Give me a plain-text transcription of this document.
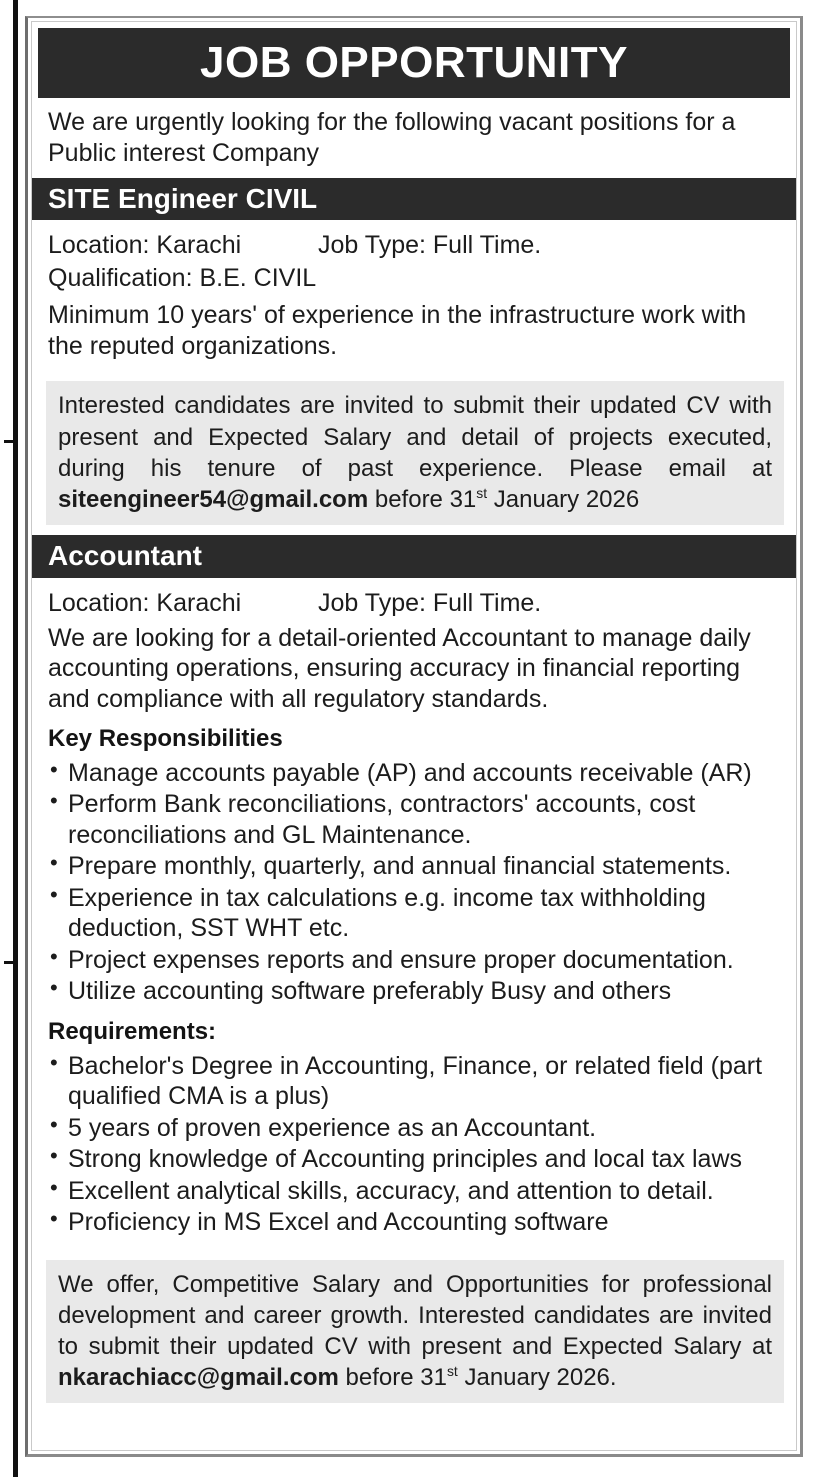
JOB OPPORTUNITY
We are urgently looking for the following vacant positions for a Public interest Company
SITE Engineer CIVIL
Location: Karachi	Job Type: Full Time.
Qualification: B.E. CIVIL
Minimum 10 years' of experience in the infrastructure work with the reputed organizations.
Interested candidates are invited to submit their updated CV with present and Expected Salary and detail of projects executed, during his tenure of past experience. Please email at siteengineer54@gmail.com before 31st January 2026
Accountant
Location: Karachi	Job Type: Full Time.
We are looking for a detail-oriented Accountant to manage daily accounting operations, ensuring accuracy in financial reporting and compliance with all regulatory standards.
Key Responsibilities
• Manage accounts payable (AP) and accounts receivable (AR)
• Perform Bank reconciliations, contractors' accounts, cost reconciliations and GL Maintenance.
• Prepare monthly, quarterly, and annual financial statements.
• Experience in tax calculations e.g. income tax withholding deduction, SST WHT etc.
• Project expenses reports and ensure proper documentation.
• Utilize accounting software preferably Busy and others
Requirements:
• Bachelor's Degree in Accounting, Finance, or related field (part qualified CMA is a plus)
• 5 years of proven experience as an Accountant.
• Strong knowledge of Accounting principles and local tax laws
• Excellent analytical skills, accuracy, and attention to detail.
• Proficiency in MS Excel and Accounting software
We offer, Competitive Salary and Opportunities for professional development and career growth. Interested candidates are invited to submit their updated CV with present and Expected Salary at nkarachiacc@gmail.com before 31st January 2026.
